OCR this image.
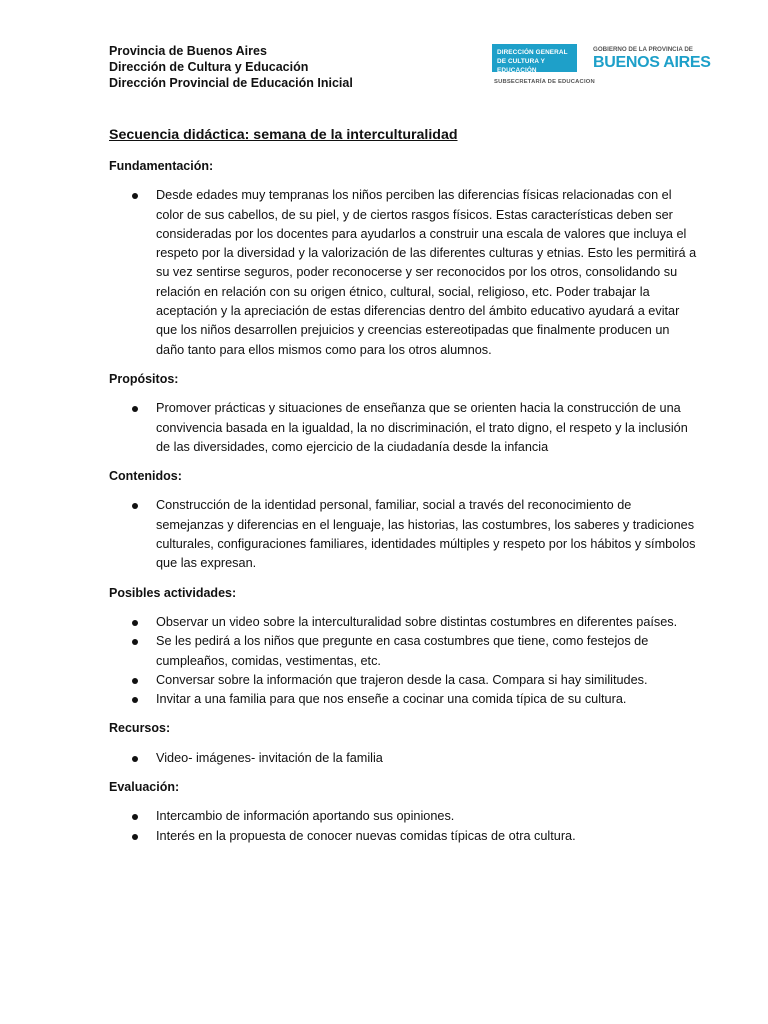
Provincia de Buenos Aires
Dirección de Cultura y Educación
Dirección Provincial de Educación Inicial
DIRECCIÓN GENERAL DE CULTURA Y EDUCACIÓN
SUBSECRETARÍA DE EDUCACION
GOBIERNO DE LA PROVINCIA DE
BUENOS AIRES
Secuencia didáctica: semana de la interculturalidad
Fundamentación:
Desde edades muy tempranas los niños perciben las diferencias físicas relacionadas con el color de sus cabellos, de su piel, y de ciertos rasgos físicos. Estas características deben ser consideradas por los docentes para ayudarlos a construir una escala de valores que incluya el respeto por la diversidad y la valorización de las diferentes culturas y etnias. Esto les permitirá a su vez sentirse seguros, poder reconocerse y ser reconocidos por los otros, consolidando su relación en relación con su origen étnico, cultural, social, religioso, etc. Poder trabajar la aceptación y la apreciación de estas diferencias dentro del ámbito educativo ayudará a evitar que los niños desarrollen prejuicios y creencias estereotipadas que finalmente producen un daño tanto para ellos mismos como para los otros alumnos.
Propósitos:
Promover prácticas y situaciones de enseñanza que se orienten hacia la construcción de una convivencia basada en la igualdad, la no discriminación, el trato digno, el respeto y la inclusión de las diversidades, como ejercicio de la ciudadanía desde la infancia
Contenidos:
Construcción de la identidad personal, familiar, social a través del reconocimiento de semejanzas y diferencias en el lenguaje, las historias, las costumbres, los saberes y tradiciones culturales, configuraciones familiares, identidades múltiples y respeto por los hábitos y símbolos que las expresan.
Posibles actividades:
Observar un video sobre la interculturalidad sobre distintas costumbres en diferentes países.
Se les pedirá a los niños que pregunte en casa costumbres que tiene, como festejos de cumpleaños, comidas, vestimentas, etc.
Conversar sobre la información que trajeron desde la casa. Compara si hay similitudes.
Invitar a una familia para que nos enseñe a cocinar una comida típica de su cultura.
Recursos:
Video- imágenes- invitación de la familia
Evaluación:
Intercambio de información aportando sus opiniones.
Interés en la propuesta de conocer nuevas comidas típicas de otra cultura.
